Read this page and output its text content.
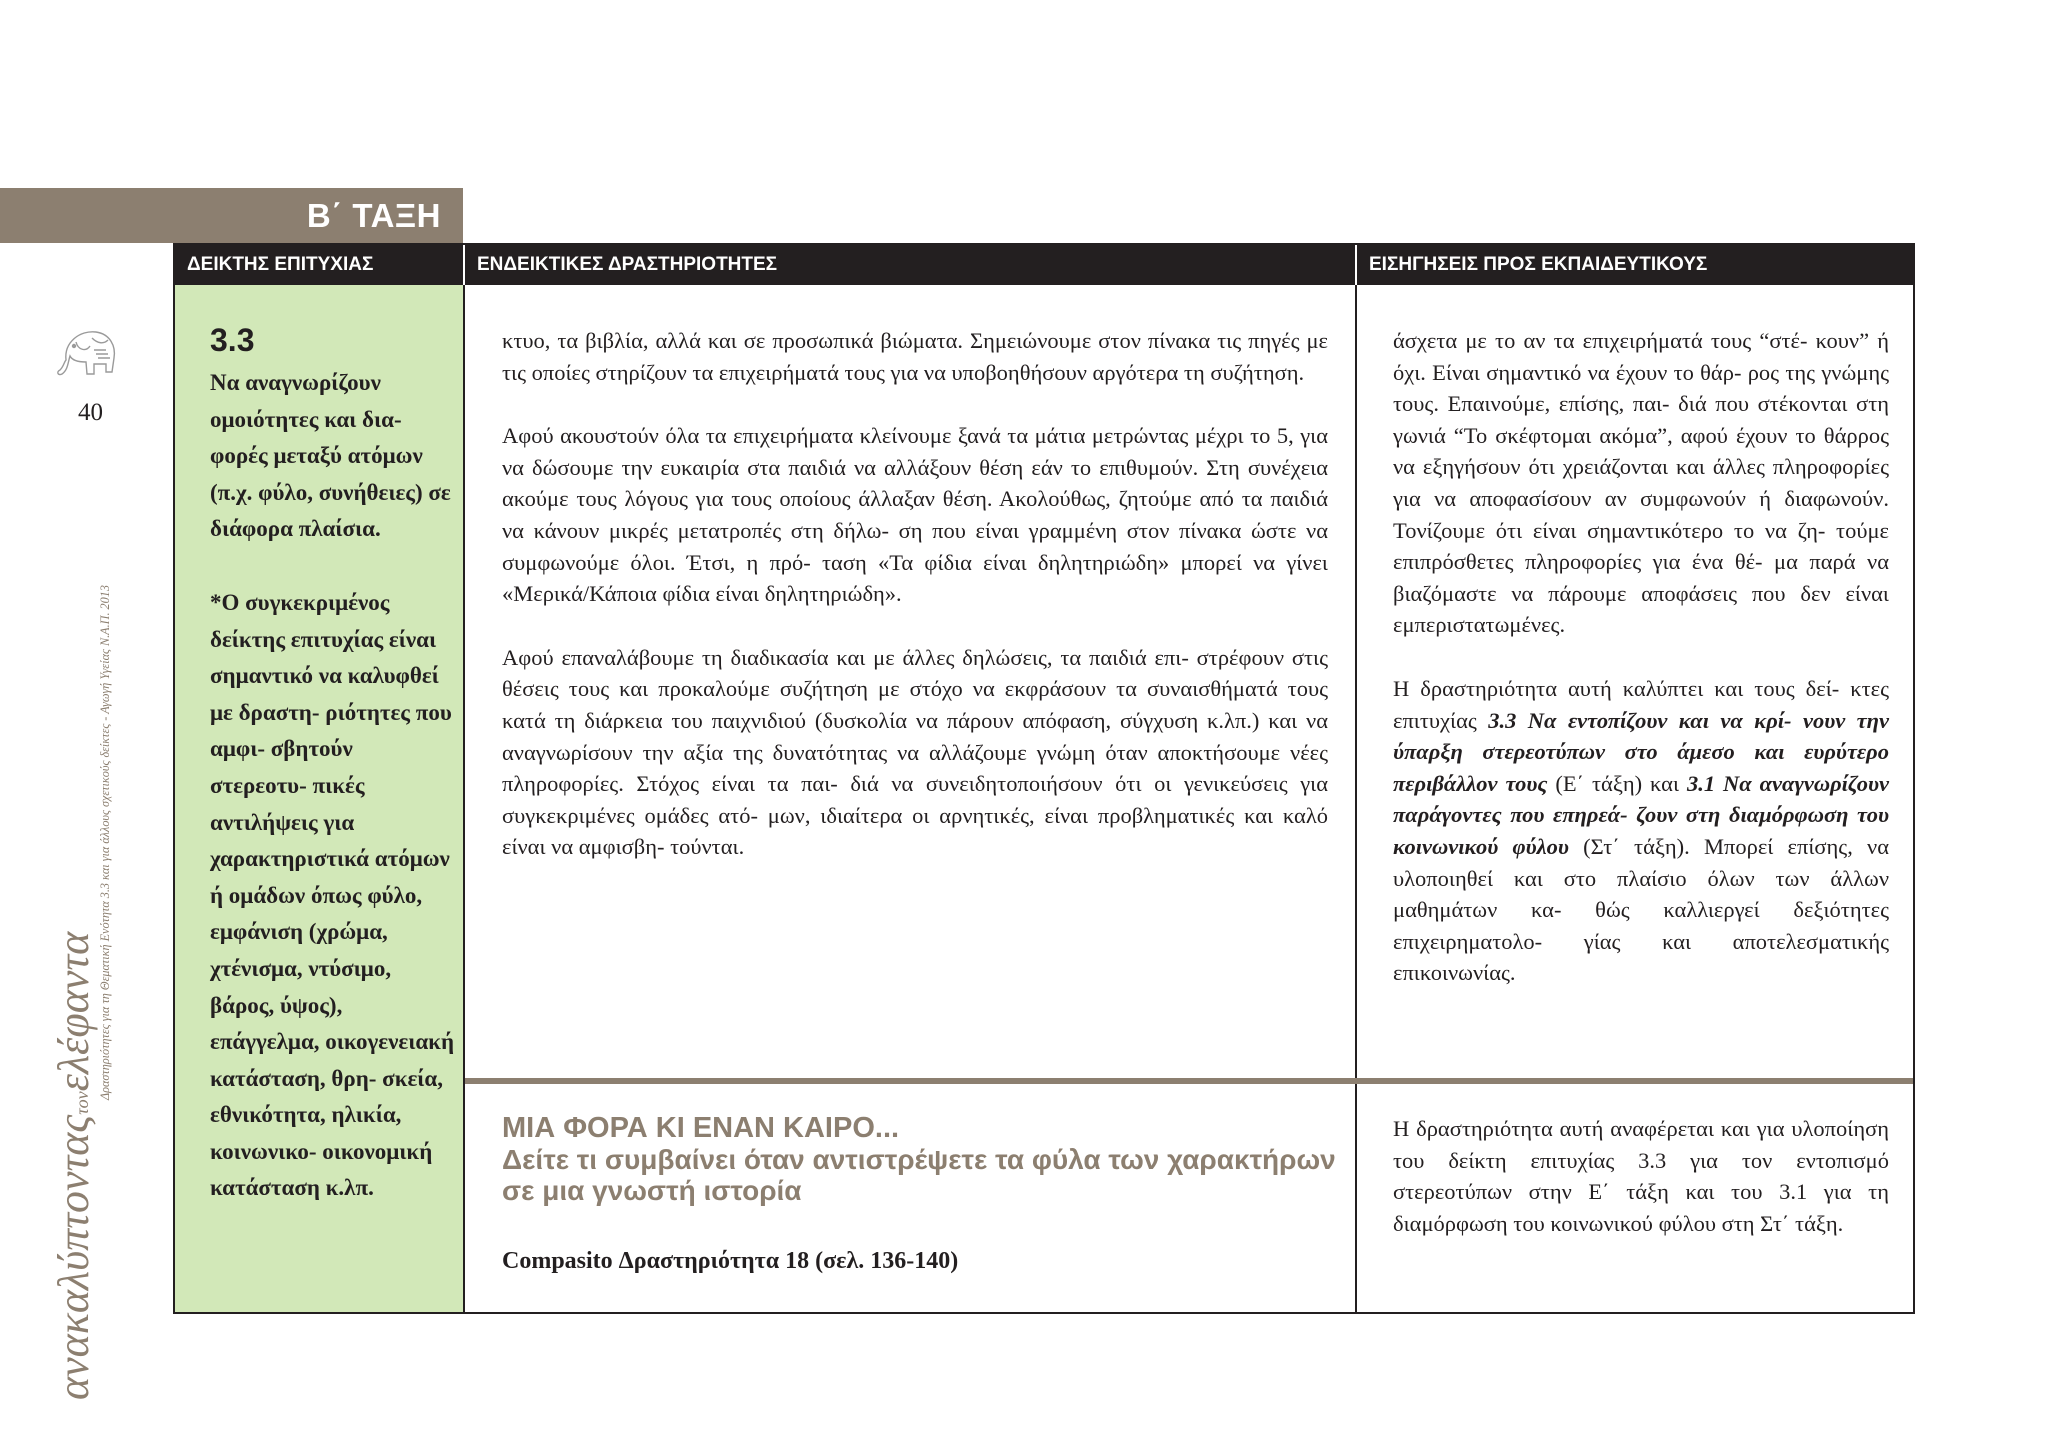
Β΄ ΤΑΞΗ
40
Δραστηριότητες για τη Θεματική Ενότητα 3.3 και για άλλους σχετικούς δείκτες - Αγωγή Υγείας Ν.Α.Π. 2013
ανακαλύπτονταςτονελέφαντα
ΔΕΙΚΤΗΣ ΕΠΙΤΥΧΙΑΣ	ΕΝΔΕΙΚΤΙΚΕΣ ΔΡΑΣΤΗΡΙΟΤΗΤΕΣ	ΕΙΣΗΓΗΣΕΙΣ ΠΡΟΣ ΕΚΠΑΙΔΕΥΤΙΚΟΥΣ
3.3

Να αναγνωρίζουν ομοιότητες και δια- φορές μεταξύ ατόμων (π.χ. φύλο, συνήθειες) σε διάφορα πλαίσια.

*Ο συγκεκριμένος δείκτης επιτυχίας είναι σημαντικό να καλυφθεί με δραστη- ριότητες που αμφι- σβητούν στερεοτυ- πικές αντιλήψεις για χαρακτηριστικά ατόμων ή ομάδων όπως φύλο, εμφάνιση (χρώμα, χτένισμα, ντύσιμο, βάρος, ύψος), επάγγελμα, οικογενειακή κατάσταση, θρη- σκεία, εθνικότητα, ηλικία, κοινωνικο- οικονομική κατάσταση κ.λπ.

κτυο, τα βιβλία, αλλά και σε προσωπικά βιώματα. Σημειώνουμε στον πίνακα τις πηγές με τις οποίες στηρίζουν τα επιχειρήματά τους για να υποβοηθήσουν αργότερα τη συζήτηση.

Αφού ακουστούν όλα τα επιχειρήματα κλείνουμε ξανά τα μάτια μετρώντας μέχρι το 5, για να δώσουμε την ευκαιρία στα παιδιά να αλλάξουν θέση εάν το επιθυμούν. Στη συνέχεια ακούμε τους λόγους για τους οποίους άλλαξαν θέση. Ακολούθως, ζητούμε από τα παιδιά να κάνουν μικρές μετατροπές στη δήλω- ση που είναι γραμμένη στον πίνακα ώστε να συμφωνούμε όλοι. Έτσι, η πρό- ταση «Τα φίδια είναι δηλητηριώδη» μπορεί να γίνει «Μερικά/Κάποια φίδια είναι δηλητηριώδη».

Αφού επαναλάβουμε τη διαδικασία και με άλλες δηλώσεις, τα παιδιά επι- στρέφουν στις θέσεις τους και προκαλούμε συζήτηση με στόχο να εκφράσουν τα συναισθήματά τους κατά τη διάρκεια του παιχνιδιού (δυσκολία να πάρουν απόφαση, σύγχυση κ.λπ.) και να αναγνωρίσουν την αξία της δυνατότητας να αλλάζουμε γνώμη όταν αποκτήσουμε νέες πληροφορίες. Στόχος είναι τα παι- διά να συνειδητοποιήσουν ότι οι γενικεύσεις για συγκεκριμένες ομάδες ατό- μων, ιδιαίτερα οι αρνητικές, είναι προβληματικές και καλό είναι να αμφισβη- τούνται.

άσχετα με το αν τα επιχειρήματά τους “στέ- κουν” ή όχι. Είναι σημαντικό να έχουν το θάρ- ρος της γνώμης τους. Επαινούμε, επίσης, παι- διά που στέκονται στη γωνιά “Το σκέφτομαι ακόμα”, αφού έχουν το θάρρος να εξηγήσουν ότι χρειάζονται και άλλες πληροφορίες για να αποφασίσουν αν συμφωνούν ή διαφωνούν. Τονίζουμε ότι είναι σημαντικότερο το να ζη- τούμε επιπρόσθετες πληροφορίες για ένα θέ- μα παρά να βιαζόμαστε να πάρουμε αποφάσεις που δεν είναι εμπεριστατωμένες.

Η δραστηριότητα αυτή καλύπτει και τους δεί- κτες επιτυχίας 3.3 Να εντοπίζουν και να κρί- νουν την ύπαρξη στερεοτύπων στο άμεσο και ευρύτερο περιβάλλον τους (Ε΄ τάξη) και 3.1 Να αναγνωρίζουν παράγοντες που επηρεά- ζουν στη διαμόρφωση του κοινωνικού φύλου (Στ΄ τάξη). Μπορεί επίσης, να υλοποιηθεί και στο πλαίσιο όλων των άλλων μαθημάτων κα- θώς καλλιεργεί δεξιότητες επιχειρηματολο- γίας και αποτελεσματικής επικοινωνίας.

ΜΙΑ ΦΟΡΑ ΚΙ ΕΝΑΝ ΚΑΙΡΟ...
Δείτε τι συμβαίνει όταν αντιστρέψετε τα φύλα των χαρακτήρων σε μια γνωστή ιστορία
Compasito Δραστηριότητα 18 (σελ. 136-140)

Η δραστηριότητα αυτή αναφέρεται και για υλοποίηση του δείκτη επιτυχίας 3.3 για τον εντοπισμό στερεοτύπων στην Ε΄ τάξη και του 3.1 για τη διαμόρφωση του κοινωνικού φύλου στη Στ΄ τάξη.
